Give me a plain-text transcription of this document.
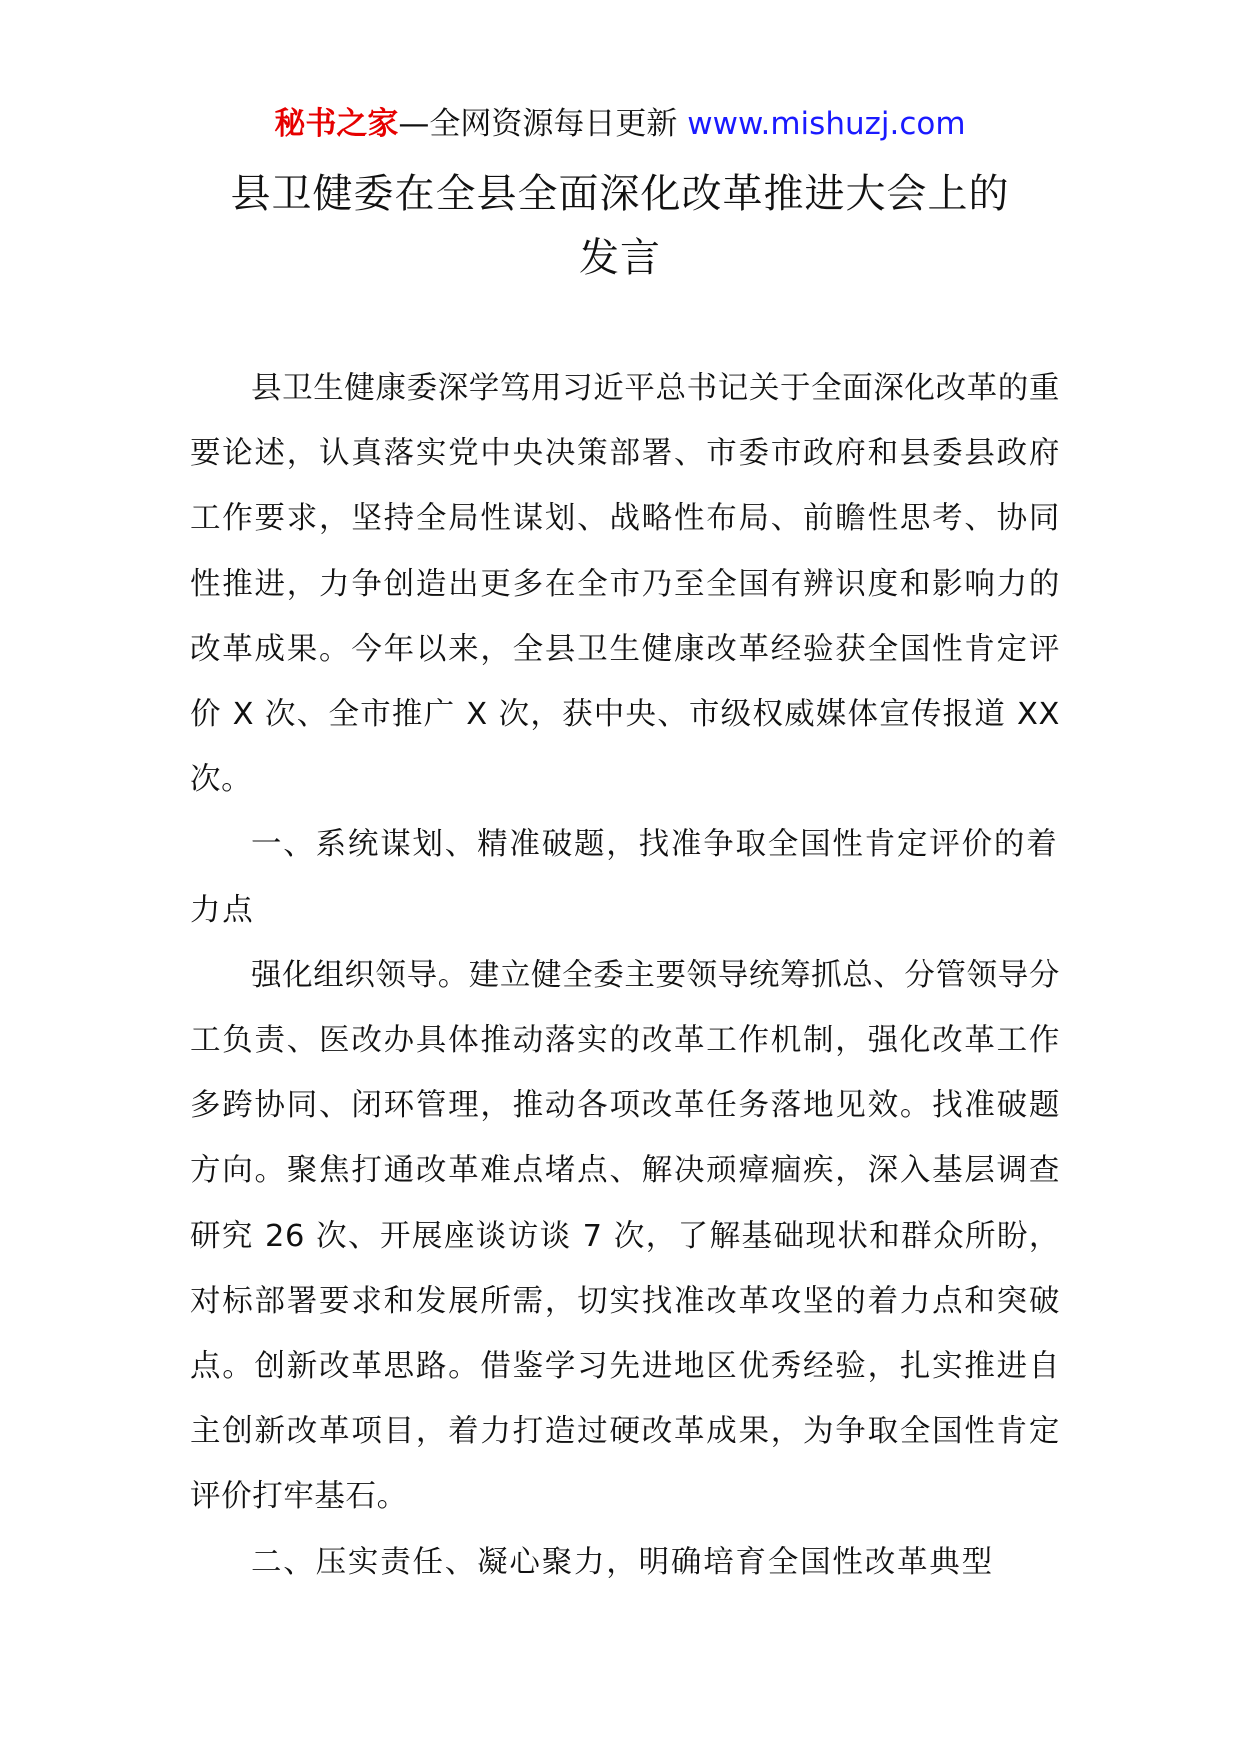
秘书之家—全网资源每日更新 www.mishuzj.com
县卫健委在全县全面深化改革推进大会上的
发言

县卫生健康委深学笃用习近平总书记关于全面深化改革的重要论述，认真落实党中央决策部署、市委市政府和县委县政府工作要求，坚持全局性谋划、战略性布局、前瞻性思考、协同性推进，力争创造出更多在全市乃至全国有辨识度和影响力的改革成果。今年以来，全县卫生健康改革经验获全国性肯定评价 X 次、全市推广 X 次，获中央、市级权威媒体宣传报道 XX 次。

一、系统谋划、精准破题，找准争取全国性肯定评价的着力点

强化组织领导。建立健全委主要领导统筹抓总、分管领导分工负责、医改办具体推动落实的改革工作机制，强化改革工作多跨协同、闭环管理，推动各项改革任务落地见效。找准破题方向。聚焦打通改革难点堵点、解决顽瘴痼疾，深入基层调查研究 26 次、开展座谈访谈 7 次，了解基础现状和群众所盼，对标部署要求和发展所需，切实找准改革攻坚的着力点和突破点。创新改革思路。借鉴学习先进地区优秀经验，扎实推进自主创新改革项目，着力打造过硬改革成果，为争取全国性肯定评价打牢基石。

二、压实责任、凝心聚力，明确培育全国性改革典型
